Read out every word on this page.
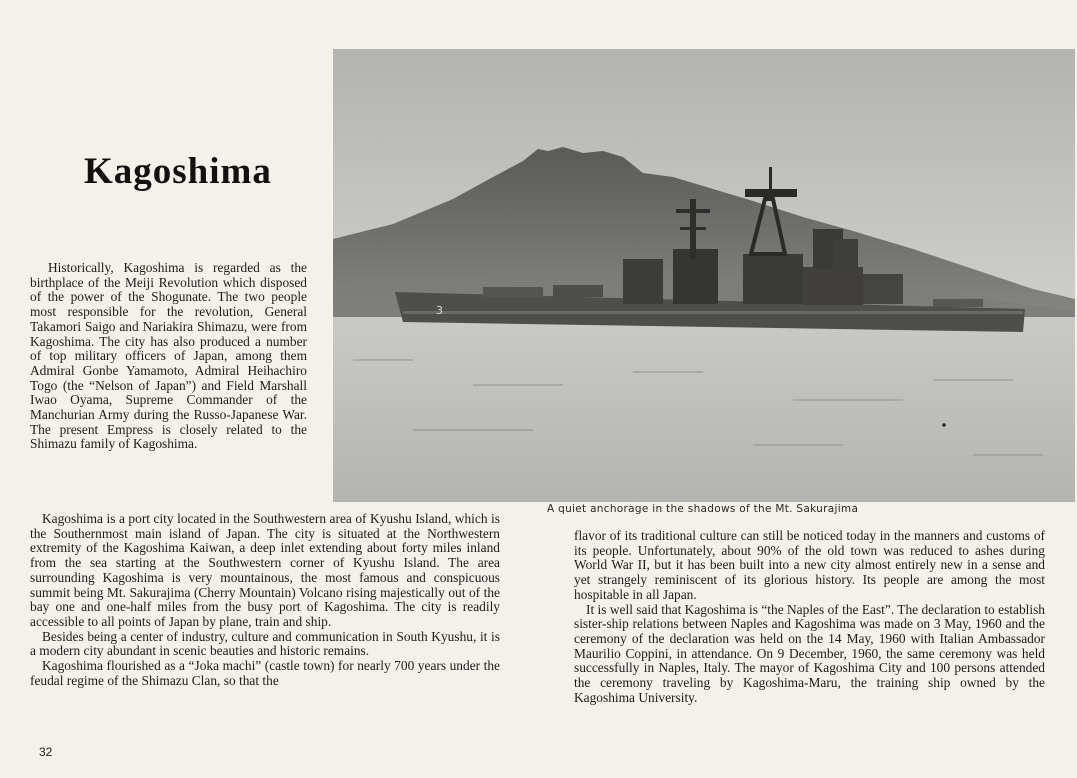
Kagoshima
3
A quiet anchorage in the shadows of the Mt. Sakurajima

Historically, Kagoshima is regarded as the birthplace of the Meiji Revolution which disposed of the power of the Shogunate. The two people most responsible for the revolution, General Takamori Saigo and Nariakira Shimazu, were from Kagoshima. The city has also produced a number of top military officers of Japan, among them Admiral Gonbe Yamamoto, Admiral Heihachiro Togo (the “Nelson of Japan”) and Field Marshall Iwao Oyama, Supreme Commander of the Manchurian Army during the Russo-Japanese War. The present Empress is closely related to the Shimazu family of Kagoshima.

Kagoshima is a port city located in the Southwestern area of Kyushu Island, which is the Southernmost main island of Japan. The city is situated at the Northwestern extremity of the Kagoshima Kaiwan, a deep inlet extending about forty miles inland from the sea starting at the Southwestern corner of Kyushu Island. The area surrounding Kagoshima is very mountainous, the most famous and conspicuous summit being Mt. Sakurajima (Cherry Mountain) Volcano rising majestically out of the bay one and one-half miles from the busy port of Kagoshima. The city is readily accessible to all points of Japan by plane, train and ship.

Besides being a center of industry, culture and communication in South Kyushu, it is a modern city abundant in scenic beauties and historic remains.

Kagoshima flourished as a “Joka machi” (castle town) for nearly 700 years under the feudal regime of the Shimazu Clan, so that the

flavor of its traditional culture can still be noticed today in the manners and customs of its people. Unfortunately, about 90% of the old town was reduced to ashes during World War II, but it has been built into a new city almost entirely new in a sense and yet strangely reminiscent of its glorious history. Its people are among the most hospitable in all Japan.

It is well said that Kagoshima is “the Naples of the East”. The declaration to establish sister-ship relations between Naples and Kagoshima was made on 3 May, 1960 and the ceremony of the declaration was held on the 14 May, 1960 with Italian Ambassador Maurilio Coppini, in attendance. On 9 December, 1960, the same ceremony was held successfully in Naples, Italy. The mayor of Kagoshima City and 100 persons attended the ceremony traveling by Kagoshima-Maru, the training ship owned by the Kagoshima University.

32
